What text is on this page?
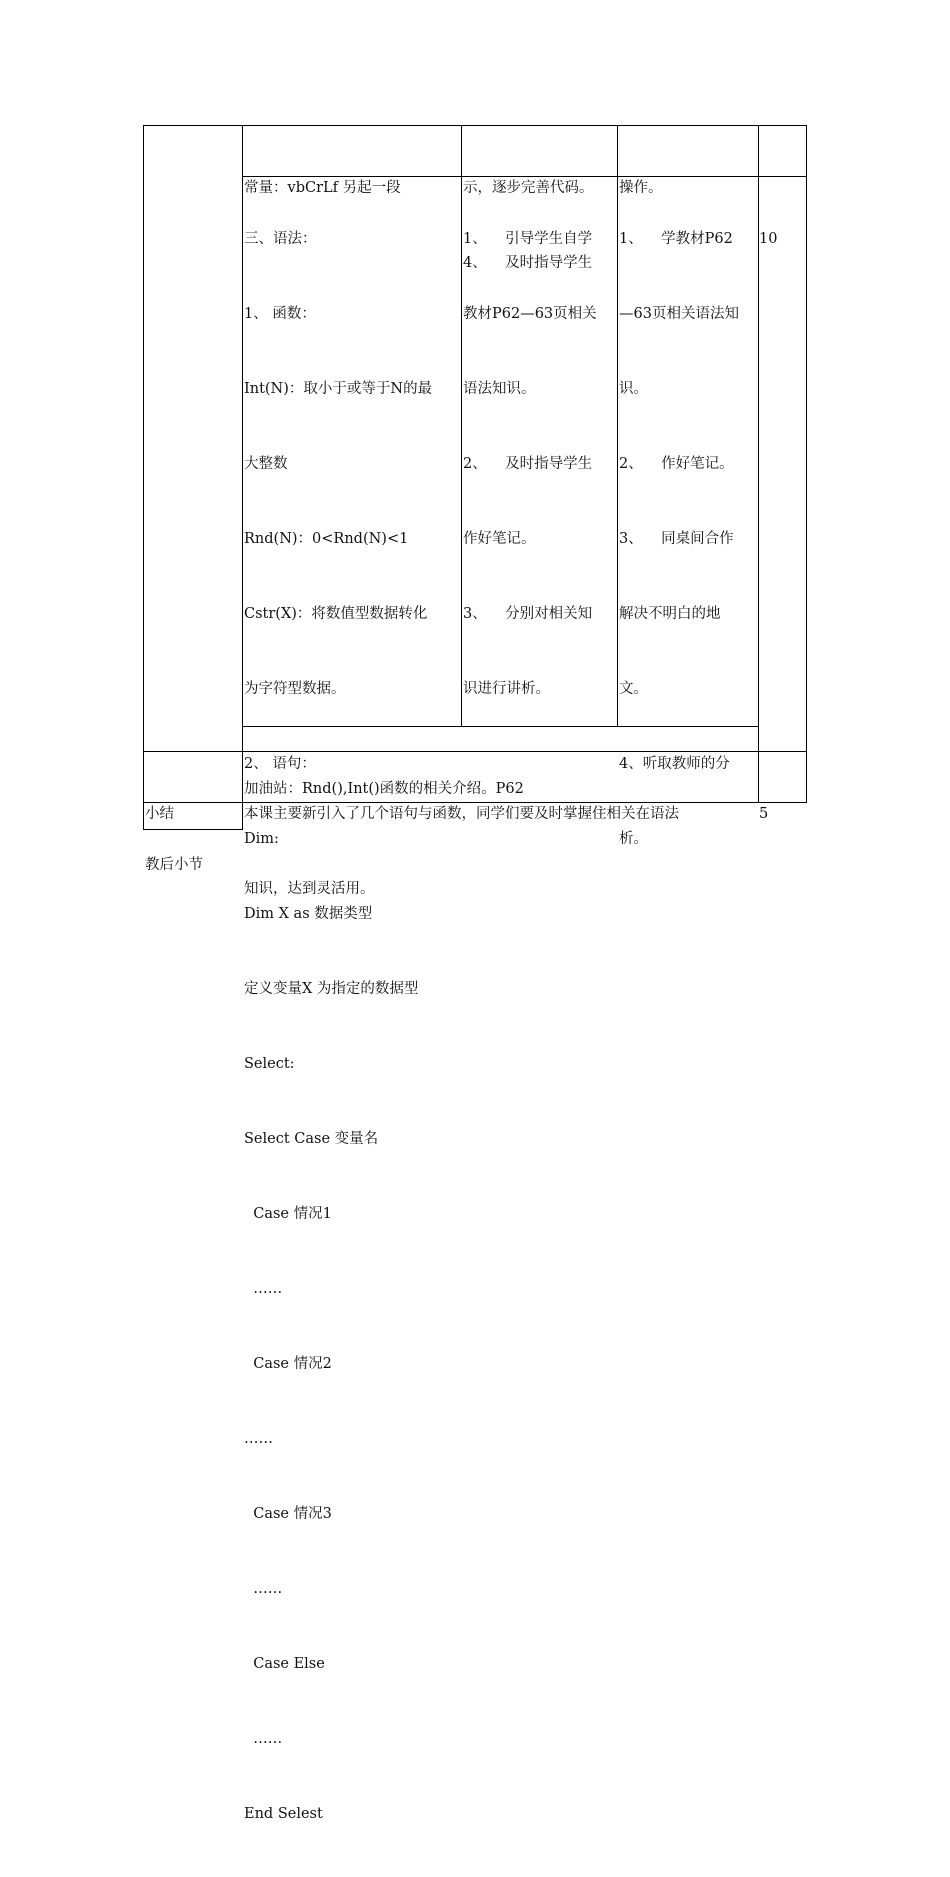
常量：vbCrLf 另起一段

	示，逐步完善代码。

4、    及时指导学生

操作。

三、语法：

1、 函数：

Int(N)：取小于或等于N的最

大整数

Rnd(N)：0<Rnd(N)<1

Cstr(X)：将数值型数据转化

为字符型数据。

2、 语句：

Dim:

Dim X as 数据类型

定义变量X 为指定的数据型

Select:

Select Case 变量名

Case 情况1

……

Case 情况2

……

Case 情况3

……

Case Else

……

End Selest

1、    引导学生自学

教材P62—63页相关

语法知识。

2、    及时指导学生

作好笔记。

3、    分别对相关知

识进行讲析。

1、    学教材P62

—63页相关语法知

识。

2、    作好笔记。

3、    同桌间合作

解决不明白的地

文。

4、听取教师的分

析。

10

加油站：Rnd(),Int()函数的相关介绍。P62

小结

	本课主要新引入了几个语句与函数，同学们要及时掌握住相关在语法

知识，达到灵活用。

5

教后小节
